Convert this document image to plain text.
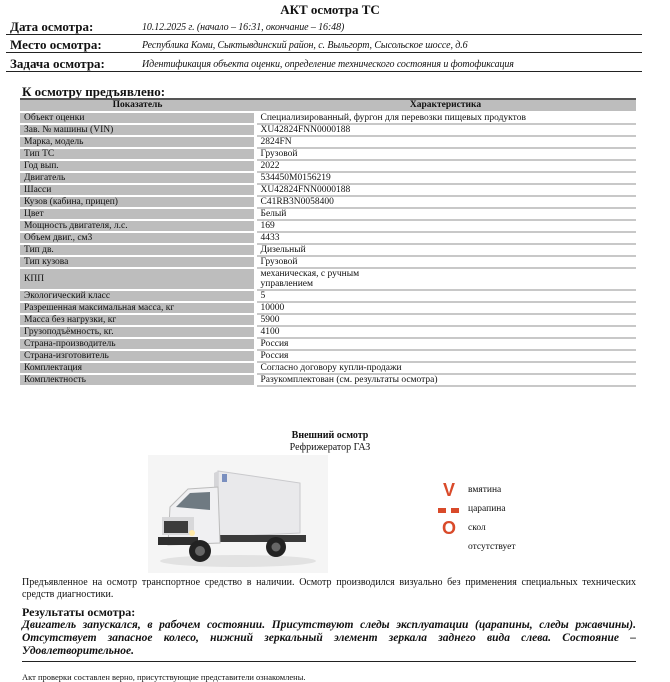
АКТ осмотра ТС
Дата осмотра:	10.12.2025 г. (начало – 16:31, окончание – 16:48)
Место осмотра:	Республика Коми, Сыктывдинский район, с. Выльгорт, Сысольское шоссе, д.6
Задача осмотра:	Идентификация объекта оценки, определение технического состояния и фотофиксация
К осмотру предъявлено:
Показатель	Характеристика
Объект оценки	Специализированный, фургон для перевозки пищевых продуктов
Зав. № машины (VIN)	XU42824FNN0000188
Марка, модель	2824FN
Тип ТС	Грузовой
Год вып.	2022
Двигатель	534450M0156219
Шасси	XU42824FNN0000188
Кузов (кабина, прицеп)	C41RB3N0058400
Цвет	Белый
Мощность двигателя, л.с.	169
Объем двиг., см3	4433
Тип дв.	Дизельный
Тип кузова	Грузовой
КПП	механическая, с ручным
управлением

Экологический класс	5
Разрешенная максимальная масса, кг	10000
Масса без нагрузки, кг	5900
Грузоподъёмность, кг.	4100
Страна-производитель	Россия
Страна-изготовитель	Россия
Комплектация	Согласно договору купли-продажи
Комплектность	Разукомплектован (см. результаты осмотра)
Внешний осмотр
Рефрижератор ГАЗ
V	вмятина
царапина
O	скол
отсутствует
Предъявленное на осмотр транспортное средство в наличии. Осмотр производился визуально без применения специальных технических средств диагностики.
Результаты осмотра:
Двигатель запускался, в рабочем состоянии. Присутствуют следы эксплуатации (царапины, следы ржавчины). Отсутствует запасное колесо, нижний зеркальный элемент зеркала заднего вида слева. Состояние – Удовлетворительное.
Акт проверки составлен верно, присутствующие представители ознакомлены.
